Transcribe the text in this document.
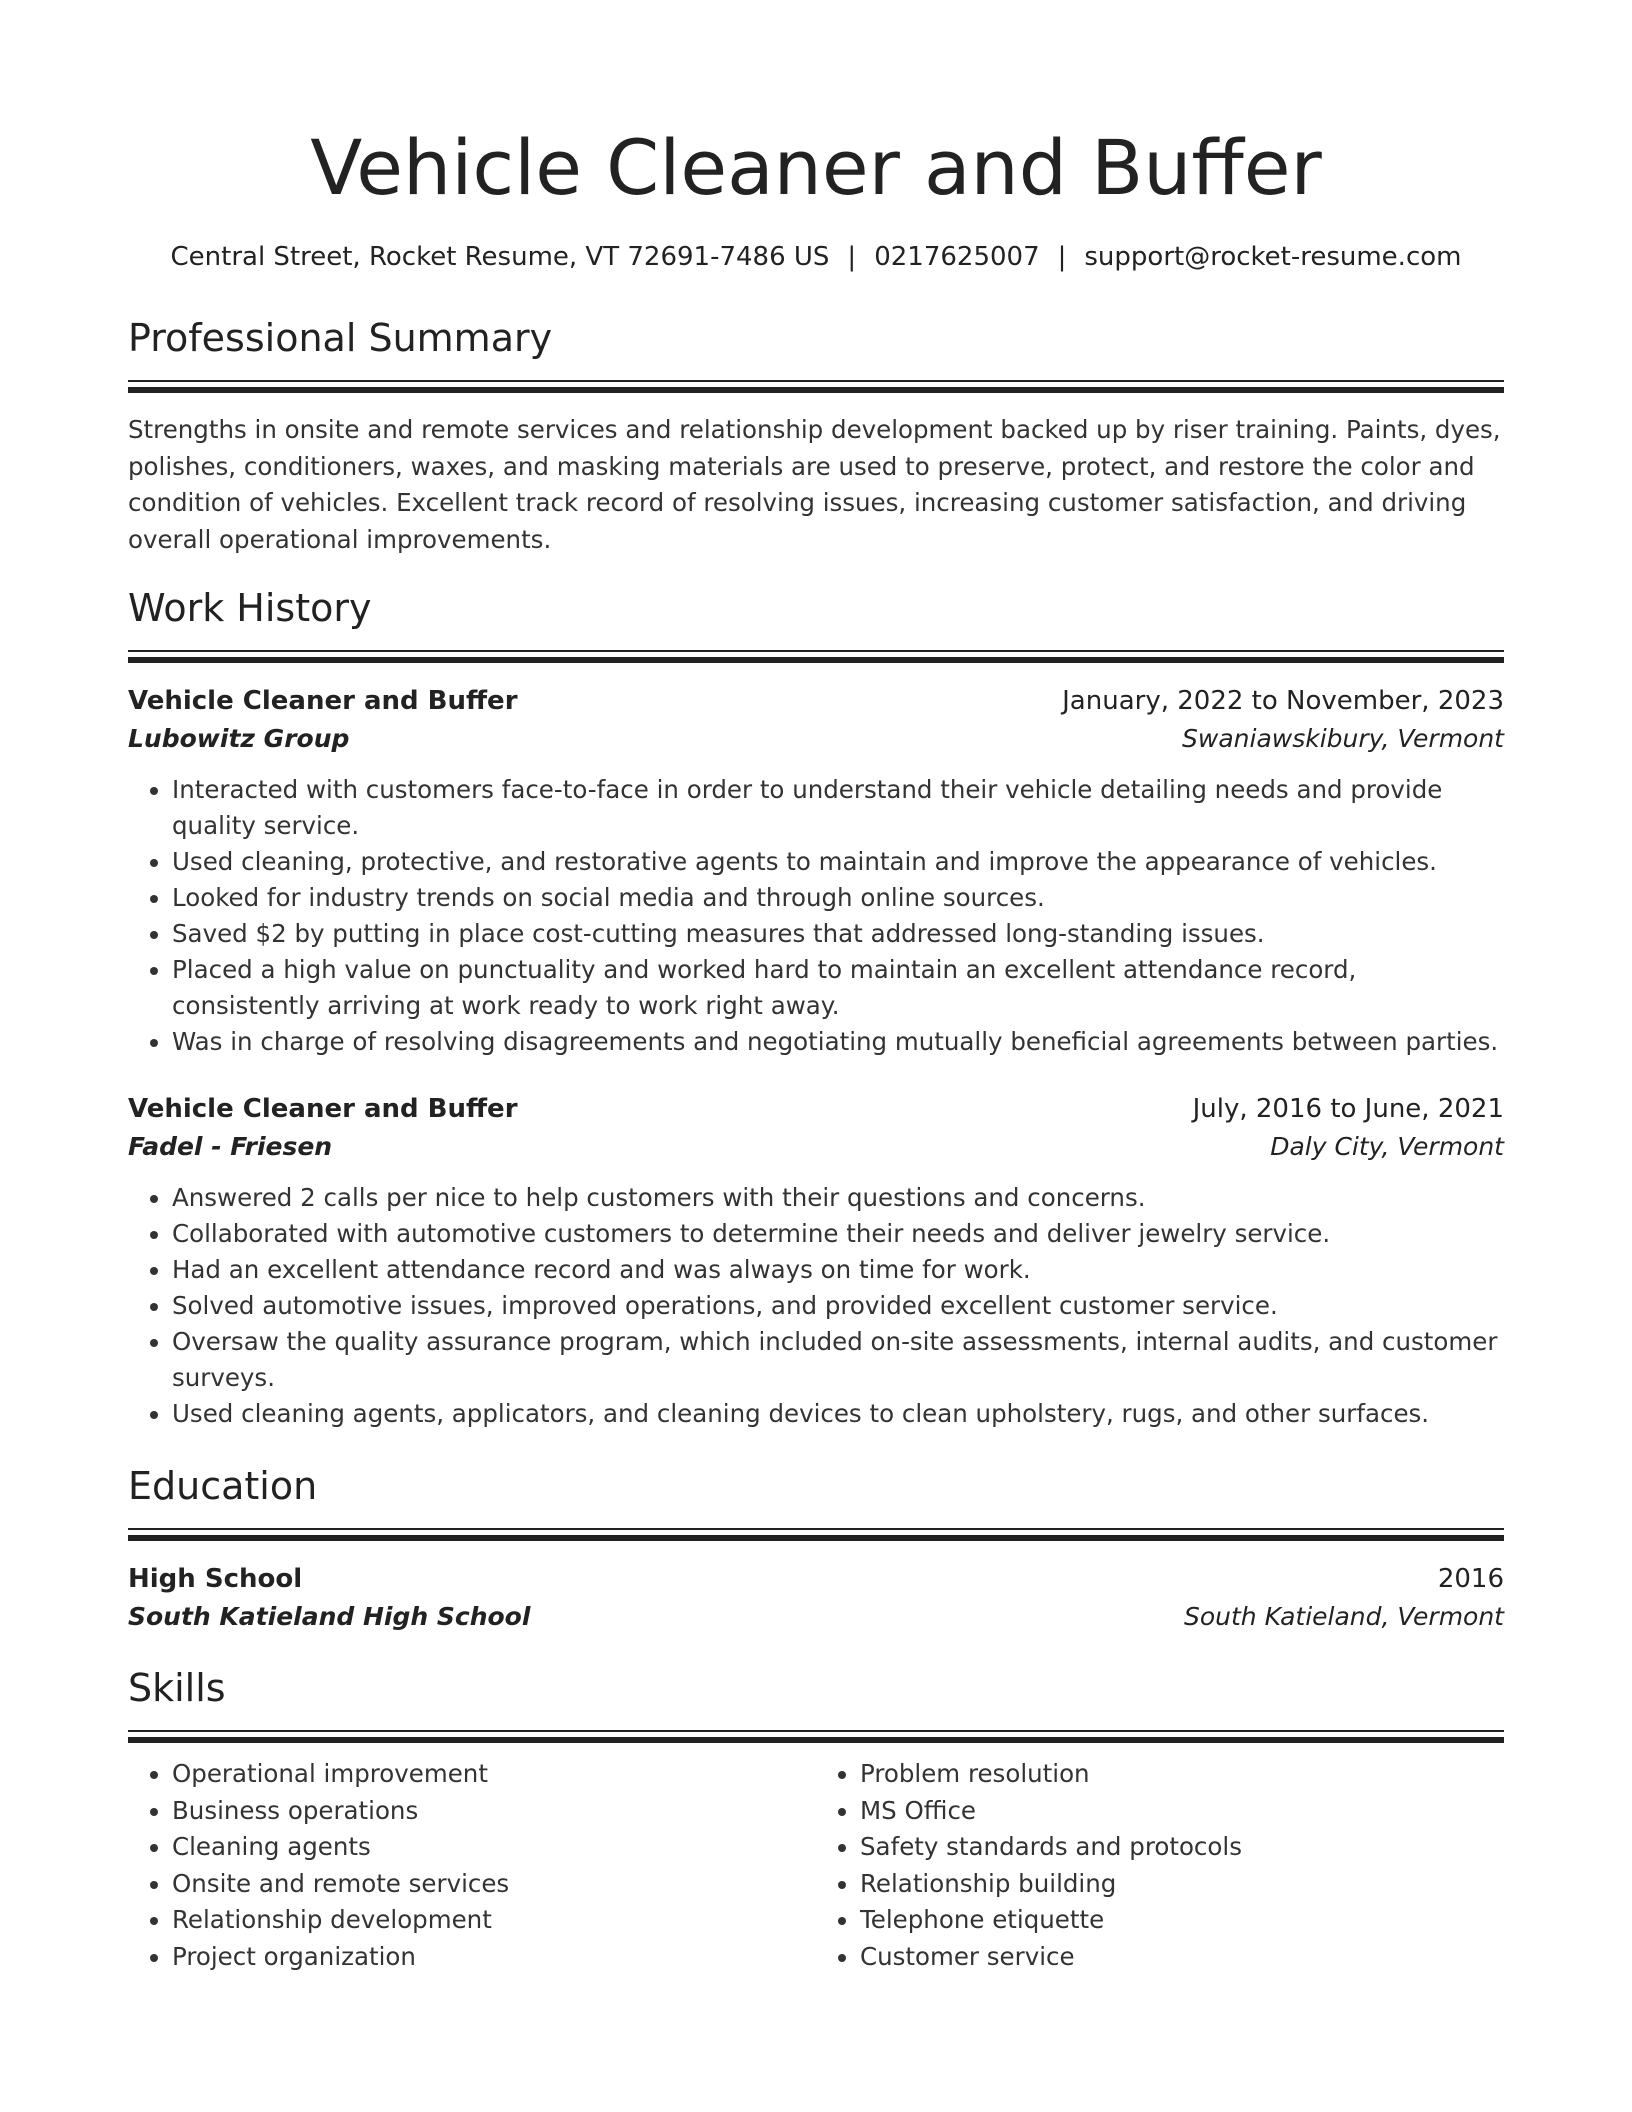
Vehicle Cleaner and Buffer
Central Street, Rocket Resume, VT 72691-7486 US | 0217625007 | support@rocket-resume.com
Professional Summary
Strengths in onsite and remote services and relationship development backed up by riser training. Paints, dyes, polishes, conditioners, waxes, and masking materials are used to preserve, protect, and restore the color and condition of vehicles. Excellent track record of resolving issues, increasing customer satisfaction, and driving overall operational improvements.
Work History
Vehicle Cleaner and Buffer	January, 2022 to November, 2023
Lubowitz Group	Swaniawskibury, Vermont
• Interacted with customers face-to-face in order to understand their vehicle detailing needs and provide quality service.
• Used cleaning, protective, and restorative agents to maintain and improve the appearance of vehicles.
• Looked for industry trends on social media and through online sources.
• Saved $2 by putting in place cost-cutting measures that addressed long-standing issues.
• Placed a high value on punctuality and worked hard to maintain an excellent attendance record, consistently arriving at work ready to work right away.
• Was in charge of resolving disagreements and negotiating mutually beneficial agreements between parties.
Vehicle Cleaner and Buffer	July, 2016 to June, 2021
Fadel - Friesen	Daly City, Vermont
• Answered 2 calls per nice to help customers with their questions and concerns.
• Collaborated with automotive customers to determine their needs and deliver jewelry service.
• Had an excellent attendance record and was always on time for work.
• Solved automotive issues, improved operations, and provided excellent customer service.
• Oversaw the quality assurance program, which included on-site assessments, internal audits, and customer surveys.
• Used cleaning agents, applicators, and cleaning devices to clean upholstery, rugs, and other surfaces.
Education
High School	2016
South Katieland High School	South Katieland, Vermont
Skills
• Operational improvement
• Business operations
• Cleaning agents
• Onsite and remote services
• Relationship development
• Project organization
• Problem resolution
• MS Office
• Safety standards and protocols
• Relationship building
• Telephone etiquette
• Customer service
